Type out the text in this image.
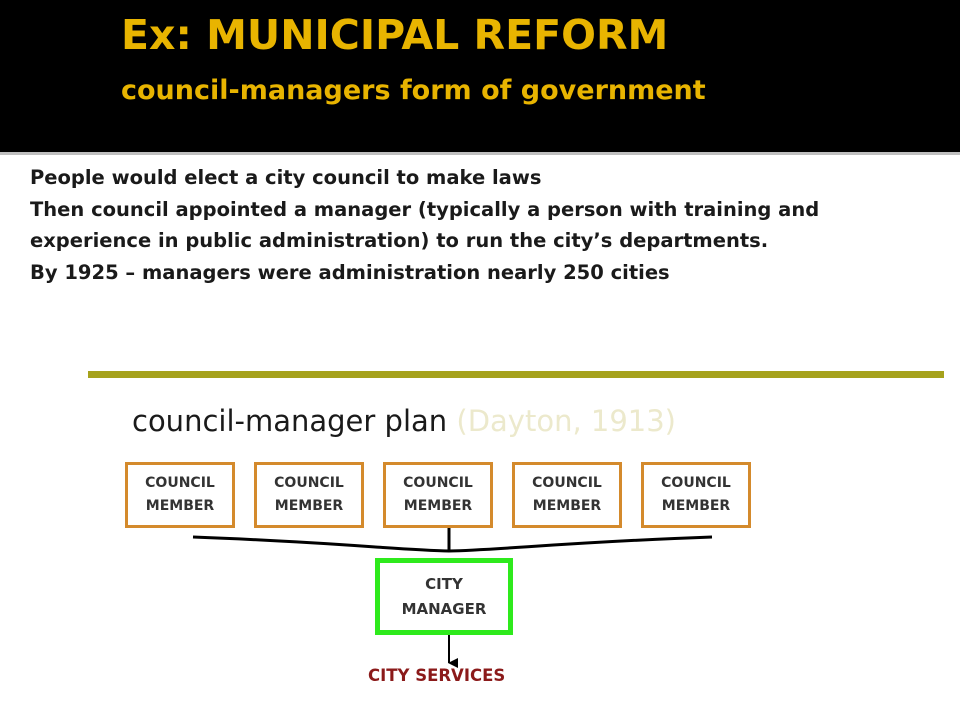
Ex: MUNICIPAL REFORM
council-managers form of government
People would elect a city council to make laws
Then council appointed a manager (typically a person with training and experience in public administration) to run the city’s departments.
By 1925 – managers were administration nearly 250 cities
council-manager plan (Dayton, 1913)
COUNCIL
MEMBER
COUNCIL
MEMBER
COUNCIL
MEMBER
COUNCIL
MEMBER
COUNCIL
MEMBER
CITY
MANAGER
CITY SERVICES
